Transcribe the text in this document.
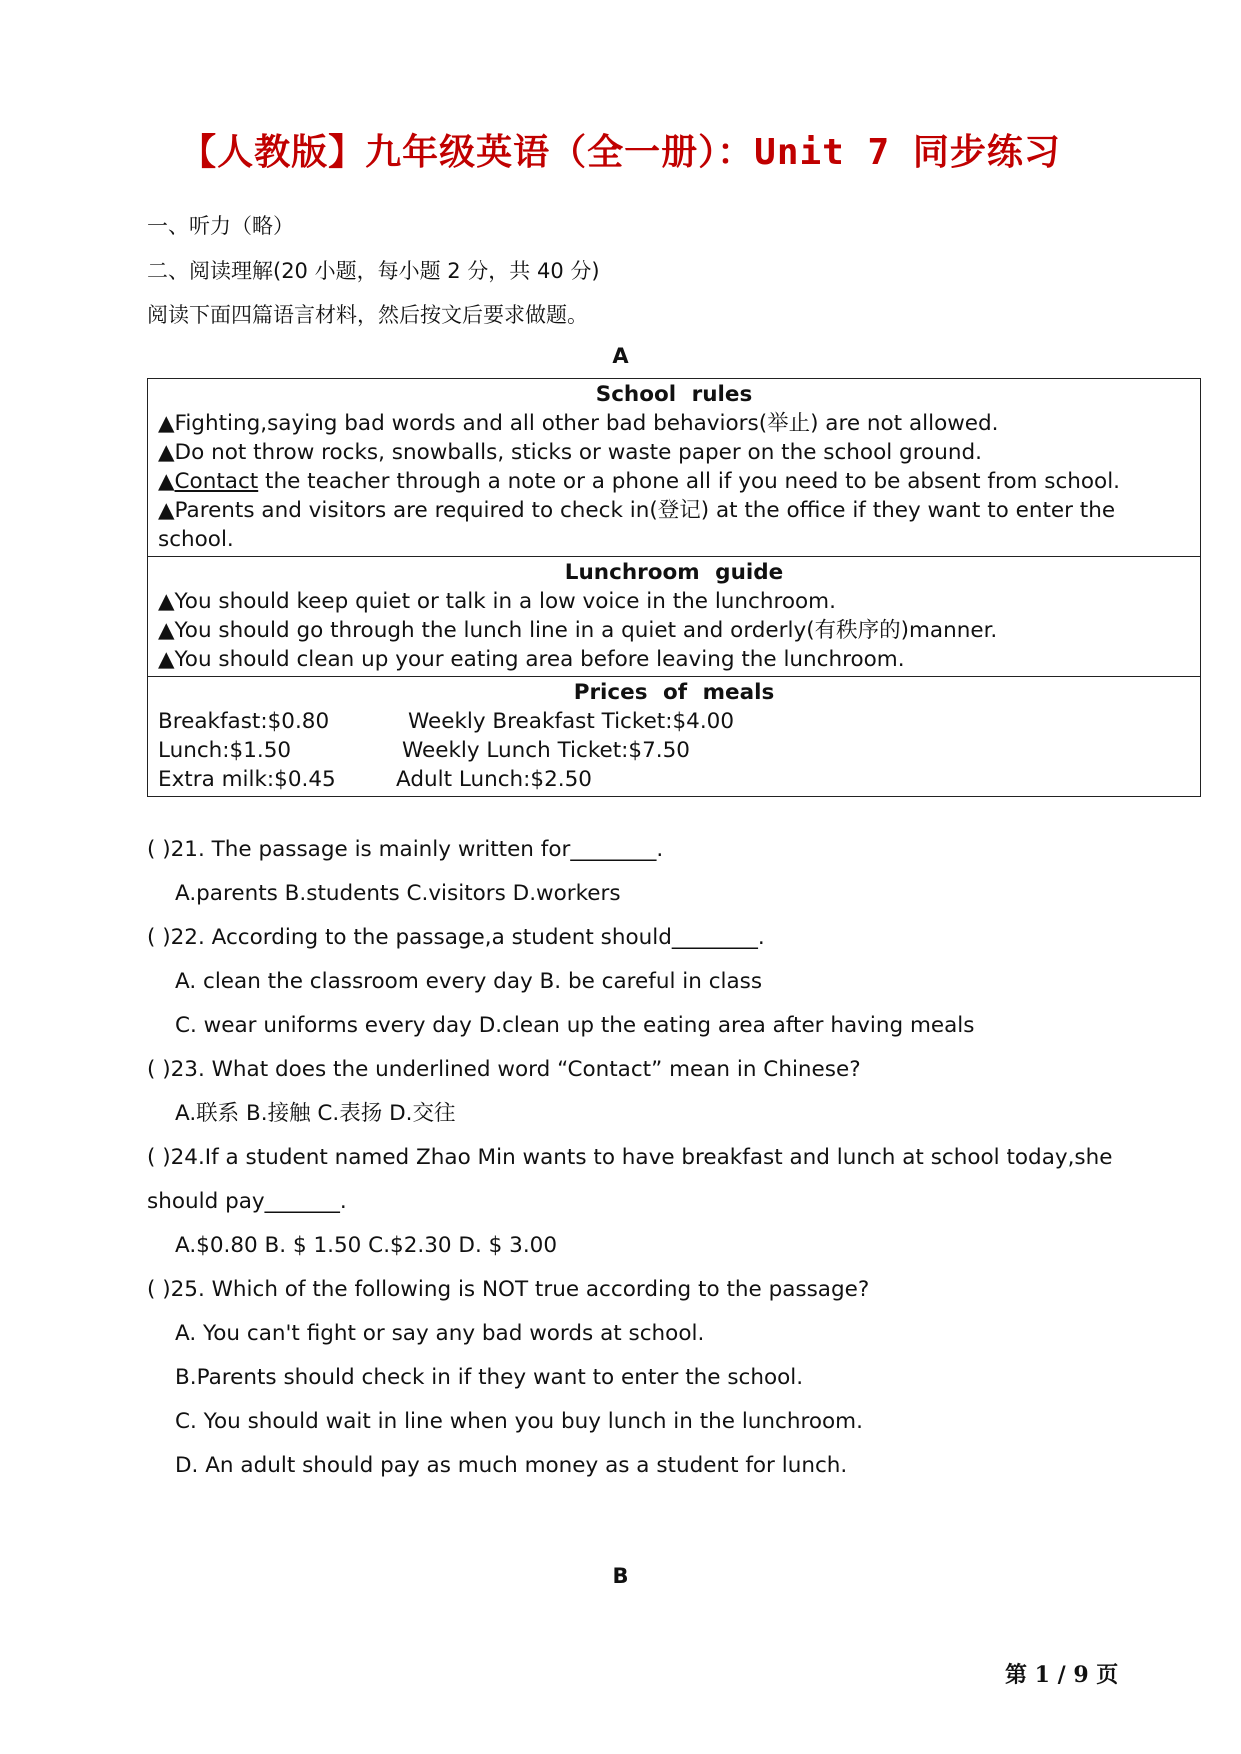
【人教版】九年级英语（全一册）：Unit 7 同步练习
一、听力（略）
二、阅读理解(20 小题，每小题 2 分，共 40 分)
阅读下面四篇语言材料，然后按文后要求做题。
A
School rules
▲Fighting,saying bad words and all other bad behaviors(举止) are not allowed.
▲Do not throw rocks, snowballs, sticks or waste paper on the school ground.
▲Contact the teacher through a note or a phone all if you need to be absent from school.
▲Parents and visitors are required to check in(登记) at the office if they want to enter the
school.
Lunchroom guide
▲You should keep quiet or talk in a low voice in the lunchroom.
▲You should go through the lunch line in a quiet and orderly(有秩序的)manner.
▲You should clean up your eating area before leaving the lunchroom.
Prices of meals
Breakfast:$0.80	Weekly Breakfast Ticket:$4.00
Lunch:$1.50	Weekly Lunch Ticket:$7.50
Extra milk:$0.45	Adult Lunch:$2.50
( )21. The passage is mainly written for________.
A.parents B.students C.visitors D.workers
( )22. According to the passage,a student should________.
A. clean the classroom every day B. be careful in class
C. wear uniforms every day D.clean up the eating area after having meals
( )23. What does the underlined word “Contact” mean in Chinese?
A.联系 B.接触 C.表扬 D.交往
( )24.If a student named Zhao Min wants to have breakfast and lunch at school today,she
should pay_______.
A.$0.80 B. $ 1.50 C.$2.30 D. $ 3.00
( )25. Which of the following is NOT true according to the passage?
A. You can't fight or say any bad words at school.
B.Parents should check in if they want to enter the school.
C. You should wait in line when you buy lunch in the lunchroom.
D. An adult should pay as much money as a student for lunch.
B
第 1 / 9 页
